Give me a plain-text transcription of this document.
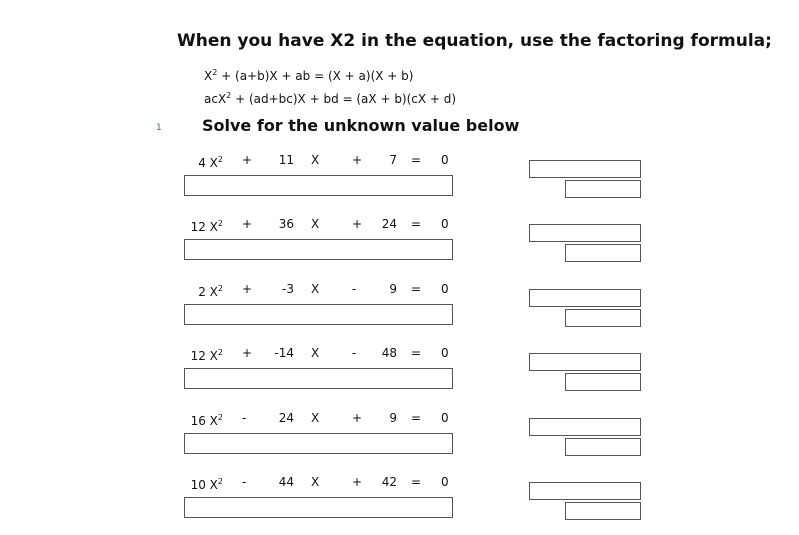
When you have X2 in the equation, use the factoring formula;
$X^2 + (a+b)X$ + ab = (X + a)(X + b)
acX$^2$ + (ad+bc)X + bd = (aX + b)(cX + d)
1	Solve for the unknown value below
4 $X^2 + 11$ X	+ 7 = 0
12 $X^2 + 36$ X	+ 24 = 0
2 $X^2 + -3$ X	-	9 = 0
12 $X^2 + -14$ X	- 48 = 0
16 $X^2$ -	24 X	+ 9 = 0
10 $X^2$ -	44 X	+ 42 = 0
